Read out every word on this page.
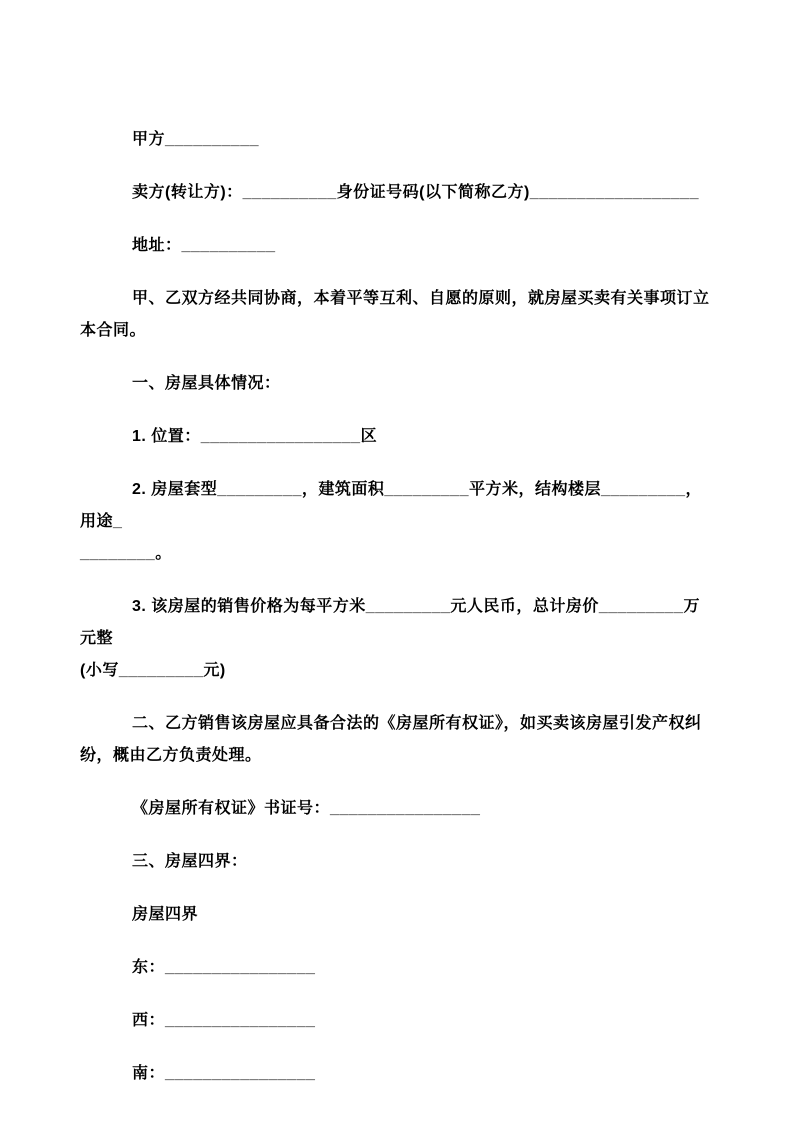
甲方__________

卖方(转让方)：__________身份证号码(以下简称乙方)__________________

地址：__________

甲、乙双方经共同协商，本着平等互利、自愿的原则，就房屋买卖有关事项订立
本合同。

一、房屋具体情况：

1. 位置：_________________区

2. 房屋套型_________，建筑面积_________平方米，结构楼层_________，用途_
________。

3. 该房屋的销售价格为每平方米_________元人民币，总计房价_________万元整
(小写_________元)

二、乙方销售该房屋应具备合法的《房屋所有权证》，如买卖该房屋引发产权纠
纷，概由乙方负责处理。

《房屋所有权证》书证号：________________

三、房屋四界：

房屋四界

东：________________

西：________________

南：________________
